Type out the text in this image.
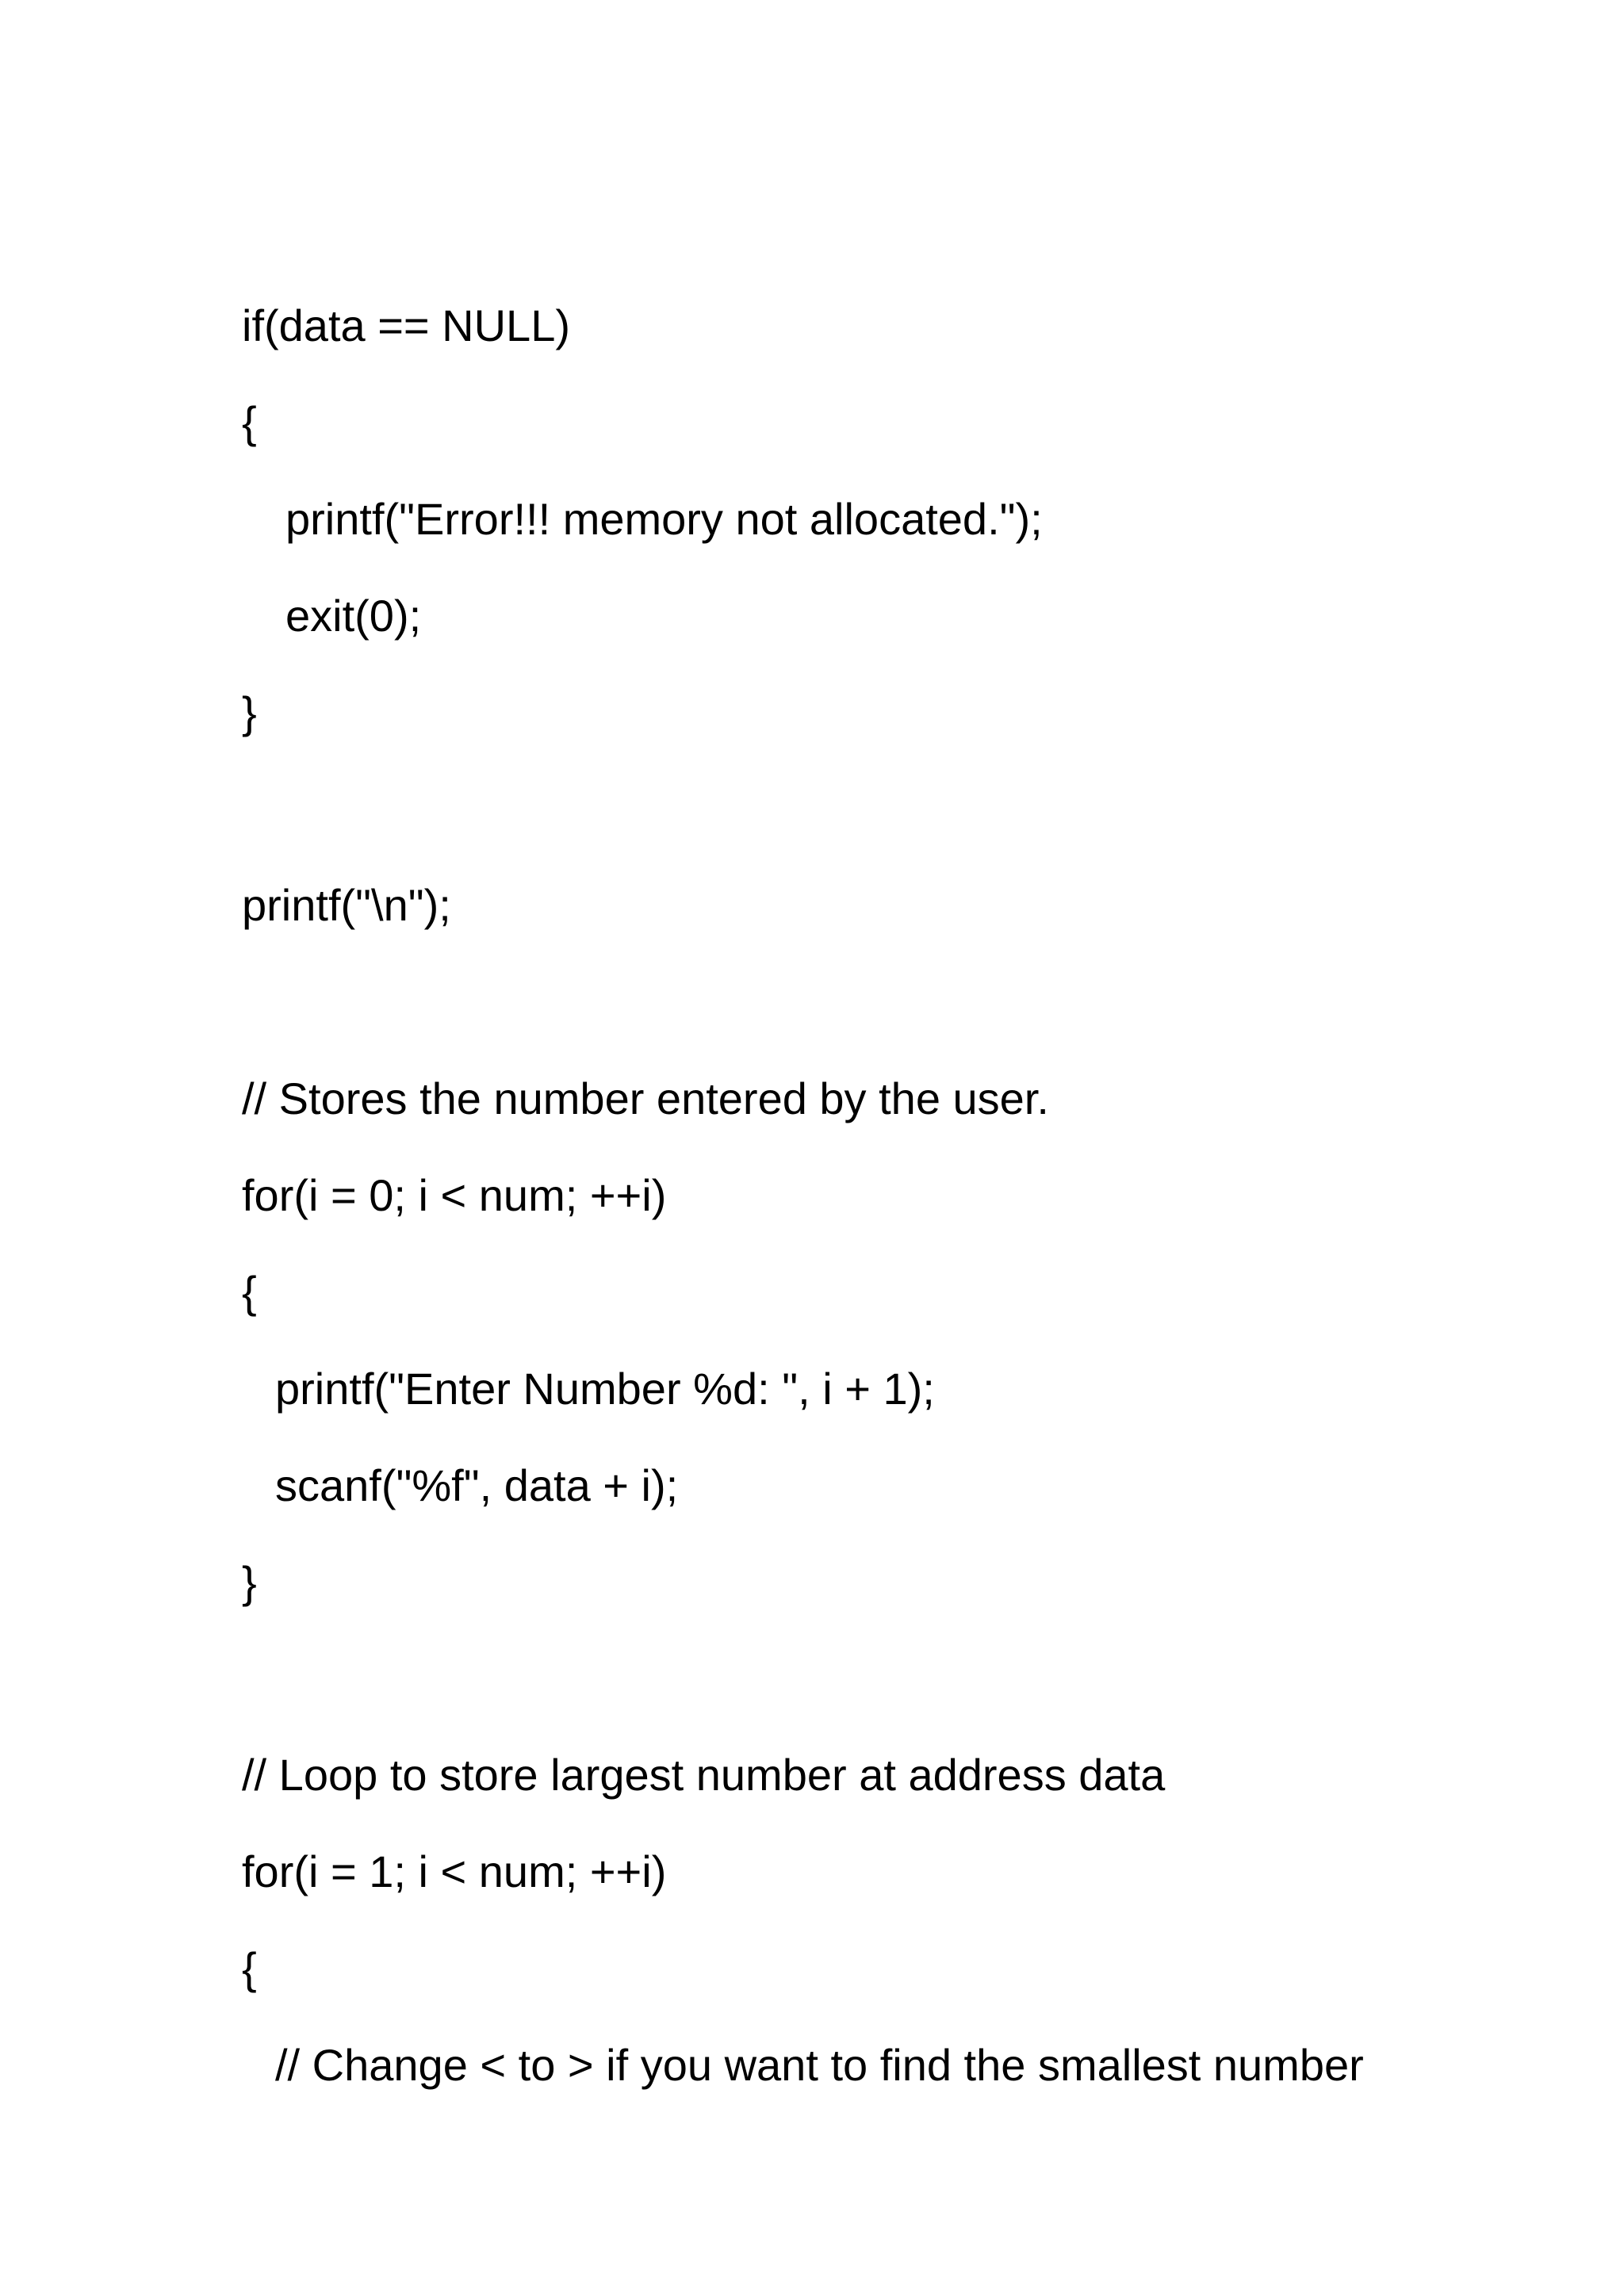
if(data == NULL)

{

printf("Error!!! memory not allocated.");

exit(0);

}

printf("\n");

// Stores the number entered by the user.

for(i = 0; i < num; ++i)

{

printf("Enter Number %d: ", i + 1);

scanf("%f", data + i);

}

// Loop to store largest number at address data

for(i = 1; i < num; ++i)

{

// Change < to > if you want to find the smallest number
